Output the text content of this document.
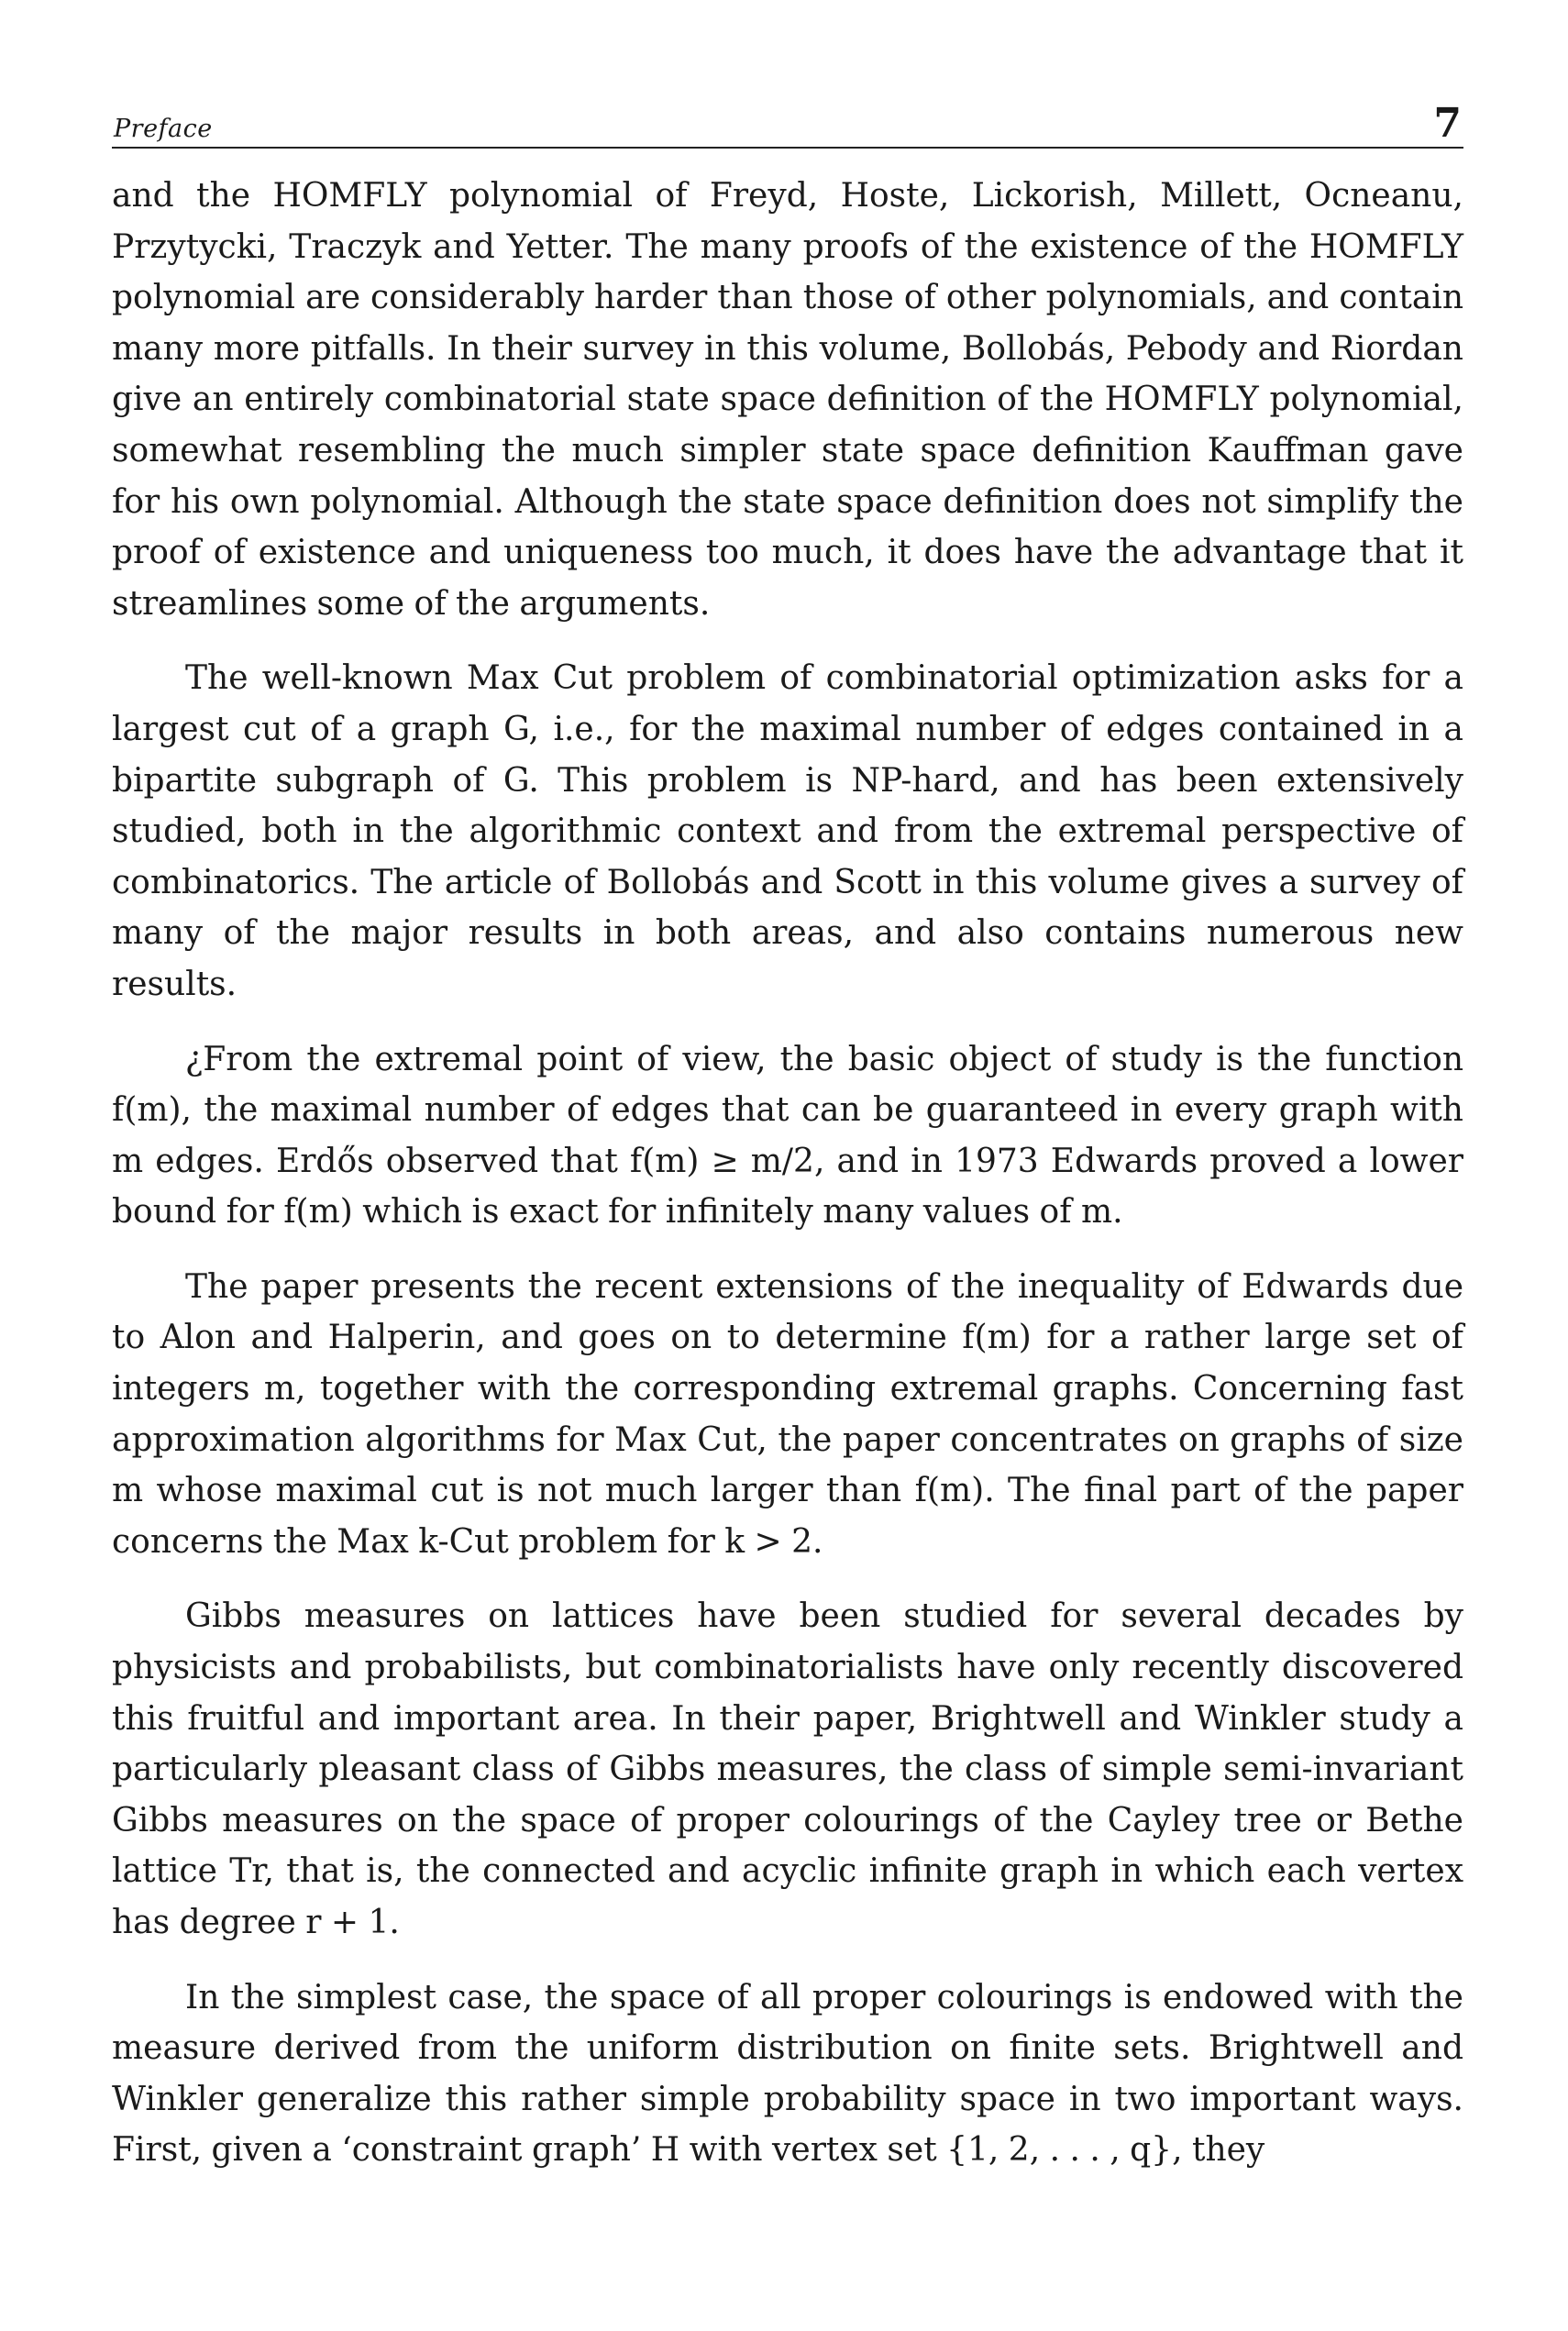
Preface	7

and the HOMFLY polynomial of Freyd, Hoste, Lickorish, Millett, Ocneanu, Przytycki, Traczyk and Yetter. The many proofs of the existence of the HOMFLY polynomial are considerably harder than those of other polynomials, and contain many more pitfalls. In their survey in this volume, Bollobás, Pebody and Riordan give an entirely combinatorial state space definition of the HOMFLY polynomial, somewhat resembling the much simpler state space definition Kauffman gave for his own polynomial. Although the state space definition does not simplify the proof of existence and uniqueness too much, it does have the advantage that it streamlines some of the arguments.

The well-known Max Cut problem of combinatorial optimization asks for a largest cut of a graph G, i.e., for the maximal number of edges contained in a bipartite subgraph of G. This problem is NP-hard, and has been extensively studied, both in the algorithmic context and from the extremal perspective of combinatorics. The article of Bollobás and Scott in this volume gives a survey of many of the major results in both areas, and also contains numerous new results.

¿From the extremal point of view, the basic object of study is the function f(m), the maximal number of edges that can be guaranteed in every graph with m edges. Erdős observed that f(m) ≥ m/2, and in 1973 Edwards proved a lower bound for f(m) which is exact for infinitely many values of m.

The paper presents the recent extensions of the inequality of Edwards due to Alon and Halperin, and goes on to determine f(m) for a rather large set of integers m, together with the corresponding extremal graphs. Concerning fast approximation algorithms for Max Cut, the paper concentrates on graphs of size m whose maximal cut is not much larger than f(m). The final part of the paper concerns the Max k-Cut problem for k > 2.

Gibbs measures on lattices have been studied for several decades by physicists and probabilists, but combinatorialists have only recently discovered this fruitful and important area. In their paper, Brightwell and Winkler study a particularly pleasant class of Gibbs measures, the class of simple semi-invariant Gibbs measures on the space of proper colourings of the Cayley tree or Bethe lattice Tr, that is, the connected and acyclic infinite graph in which each vertex has degree r + 1.

In the simplest case, the space of all proper colourings is endowed with the measure derived from the uniform distribution on finite sets. Brightwell and Winkler generalize this rather simple probability space in two important ways. First, given a ‘constraint graph’ H with vertex set {1, 2, . . . , q}, they
